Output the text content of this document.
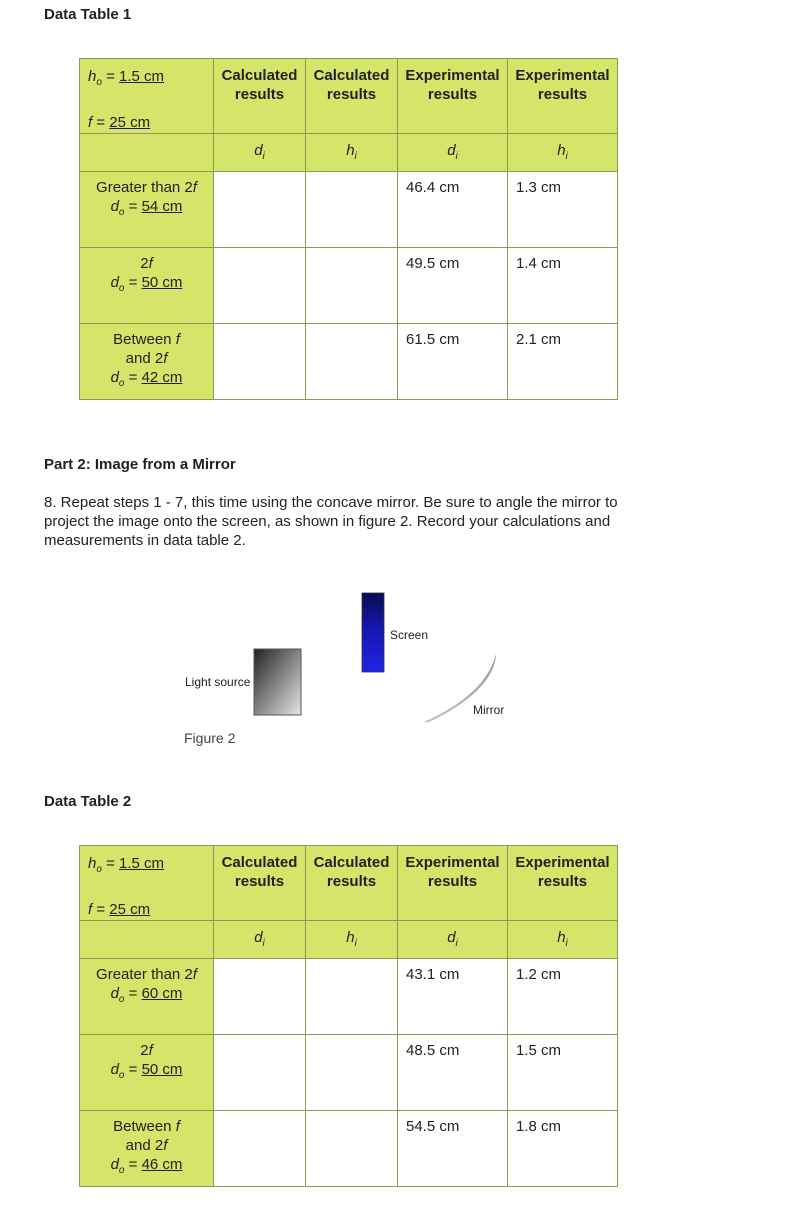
Data Table 1
$h_o = 1.5$ cm
f = 25 cm	Calculated results	Calculated results	Experimental results	Experimental results
	$d_i$	$h_i$	$d_i$	$h_i$

Greater than 2f
$d_o = 54$ cm			46.4 cm	1.3 cm

2f
$d_o = 50$ cm			49.5 cm	1.4 cm

Between f
and 2f
$d_o = 42$ cm			61.5 cm	2.1 cm
Part 2: Image from a Mirror
8. Repeat steps 1 - 7, this time using the concave mirror. Be sure to angle the mirror to project the image onto the screen, as shown in figure 2. Record your calculations and measurements in data table 2.
Light source
Screen
Mirror
Figure 2
Data Table 2
$h_o = 1.5$ cm
f = 25 cm	Calculated results	Calculated results	Experimental results	Experimental results
	$d_i$	$h_i$	$d_i$	$h_i$

Greater than 2f
$d_o = 60$ cm			43.1 cm	1.2 cm

2f
$d_o = 50$ cm			48.5 cm	1.5 cm

Between f
and 2f
$d_o = 46$ cm			54.5 cm	1.8 cm
